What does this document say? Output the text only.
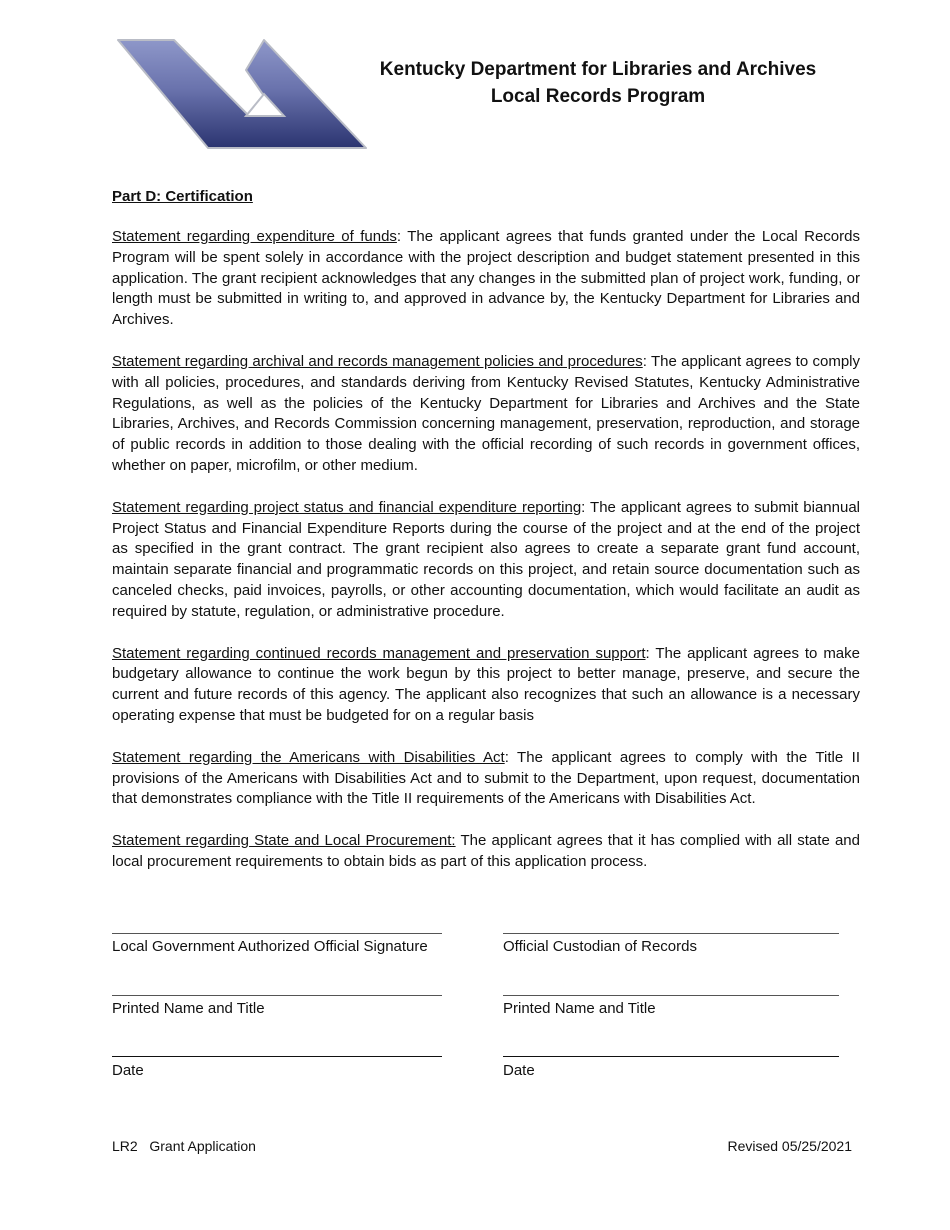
Kentucky Department for Libraries and Archives
Local Records Program
Part D: Certification

Statement regarding expenditure of funds: The applicant agrees that funds granted under the Local Records Program will be spent solely in accordance with the project description and budget statement presented in this application. The grant recipient acknowledges that any changes in the submitted plan of project work, funding, or length must be submitted in writing to, and approved in advance by, the Kentucky Department for Libraries and Archives.

Statement regarding archival and records management policies and procedures: The applicant agrees to comply with all policies, procedures, and standards deriving from Kentucky Revised Statutes, Kentucky Administrative Regulations, as well as the policies of the Kentucky Department for Libraries and Archives and the State Libraries, Archives, and Records Commission concerning management, preservation, reproduction, and storage of public records in addition to those dealing with the official recording of such records in government offices, whether on paper, microfilm, or other medium.

Statement regarding project status and financial expenditure reporting: The applicant agrees to submit biannual Project Status and Financial Expenditure Reports during the course of the project and at the end of the project as specified in the grant contract. The grant recipient also agrees to create a separate grant fund account, maintain separate financial and programmatic records on this project, and retain source documentation such as canceled checks, paid invoices, payrolls, or other accounting documentation, which would facilitate an audit as required by statute, regulation, or administrative procedure.

Statement regarding continued records management and preservation support: The applicant agrees to make budgetary allowance to continue the work begun by this project to better manage, preserve, and secure the current and future records of this agency. The applicant also recognizes that such an allowance is a necessary operating expense that must be budgeted for on a regular basis

Statement regarding the Americans with Disabilities Act: The applicant agrees to comply with the Title II provisions of the Americans with Disabilities Act and to submit to the Department, upon request, documentation that demonstrates compliance with the Title II requirements of the Americans with Disabilities Act.

Statement regarding State and Local Procurement: The applicant agrees that it has complied with all state and local procurement requirements to obtain bids as part of this application process.

Local Government Authorized Official Signature
Printed Name and Title
Date
Official Custodian of Records
Printed Name and Title
Date
LR2   Grant Application	Revised 05/25/2021
